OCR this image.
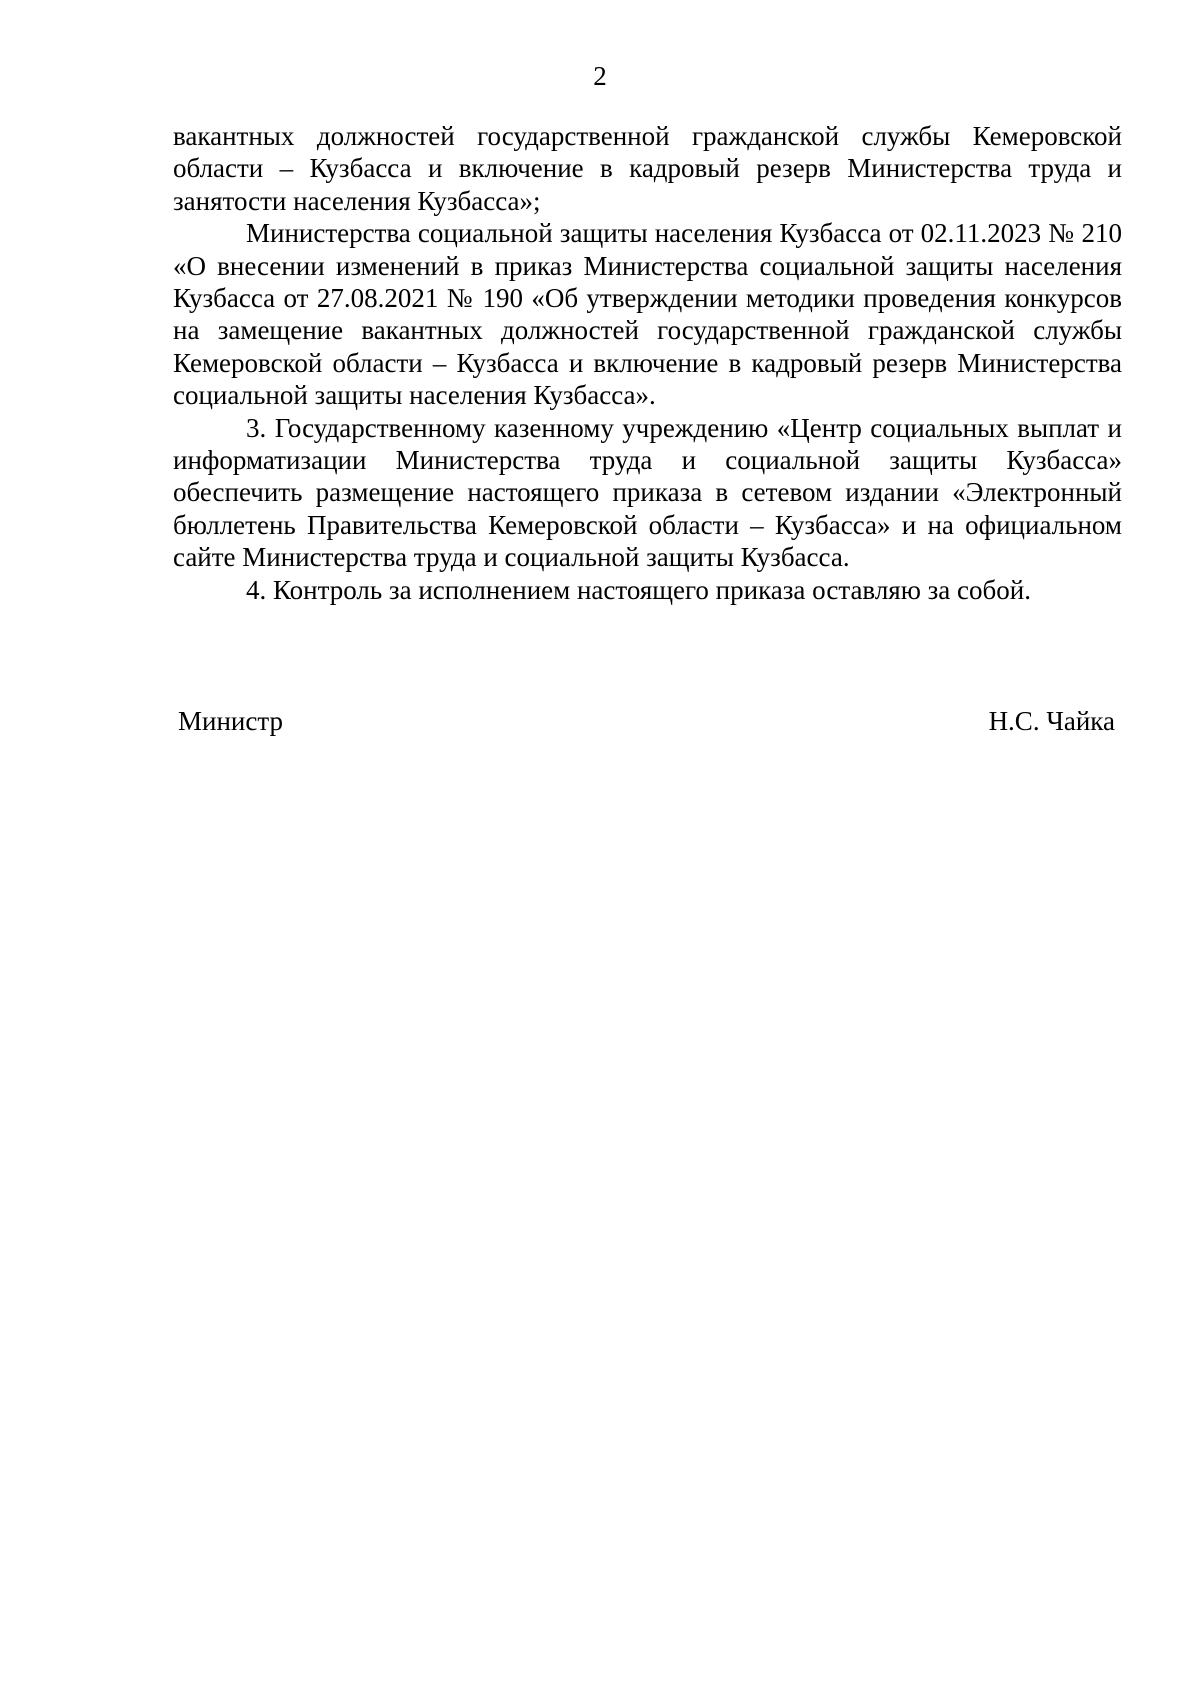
2

вакантных должностей государственной гражданской службы Кемеровской области – Кузбасса и включение в кадровый резерв Министерства труда и занятости населения Кузбасса»;

Министерства социальной защиты населения Кузбасса от 02.11.2023 № 210 «О внесении изменений в приказ Министерства социальной защиты населения Кузбасса от 27.08.2021 № 190 «Об утверждении методики проведения конкурсов на замещение вакантных должностей государственной гражданской службы Кемеровской области – Кузбасса и включение в кадровый резерв Министерства социальной защиты населения Кузбасса».

3. Государственному казенному учреждению «Центр социальных выплат и информатизации Министерства труда и социальной защиты Кузбасса» обеспечить размещение настоящего приказа в сетевом издании «Электронный бюллетень Правительства Кемеровской области – Кузбасса» и на официальном сайте Министерства труда и социальной защиты Кузбасса.

4. Контроль за исполнением настоящего приказа оставляю за собой.

Министр	Н.С. Чайка
